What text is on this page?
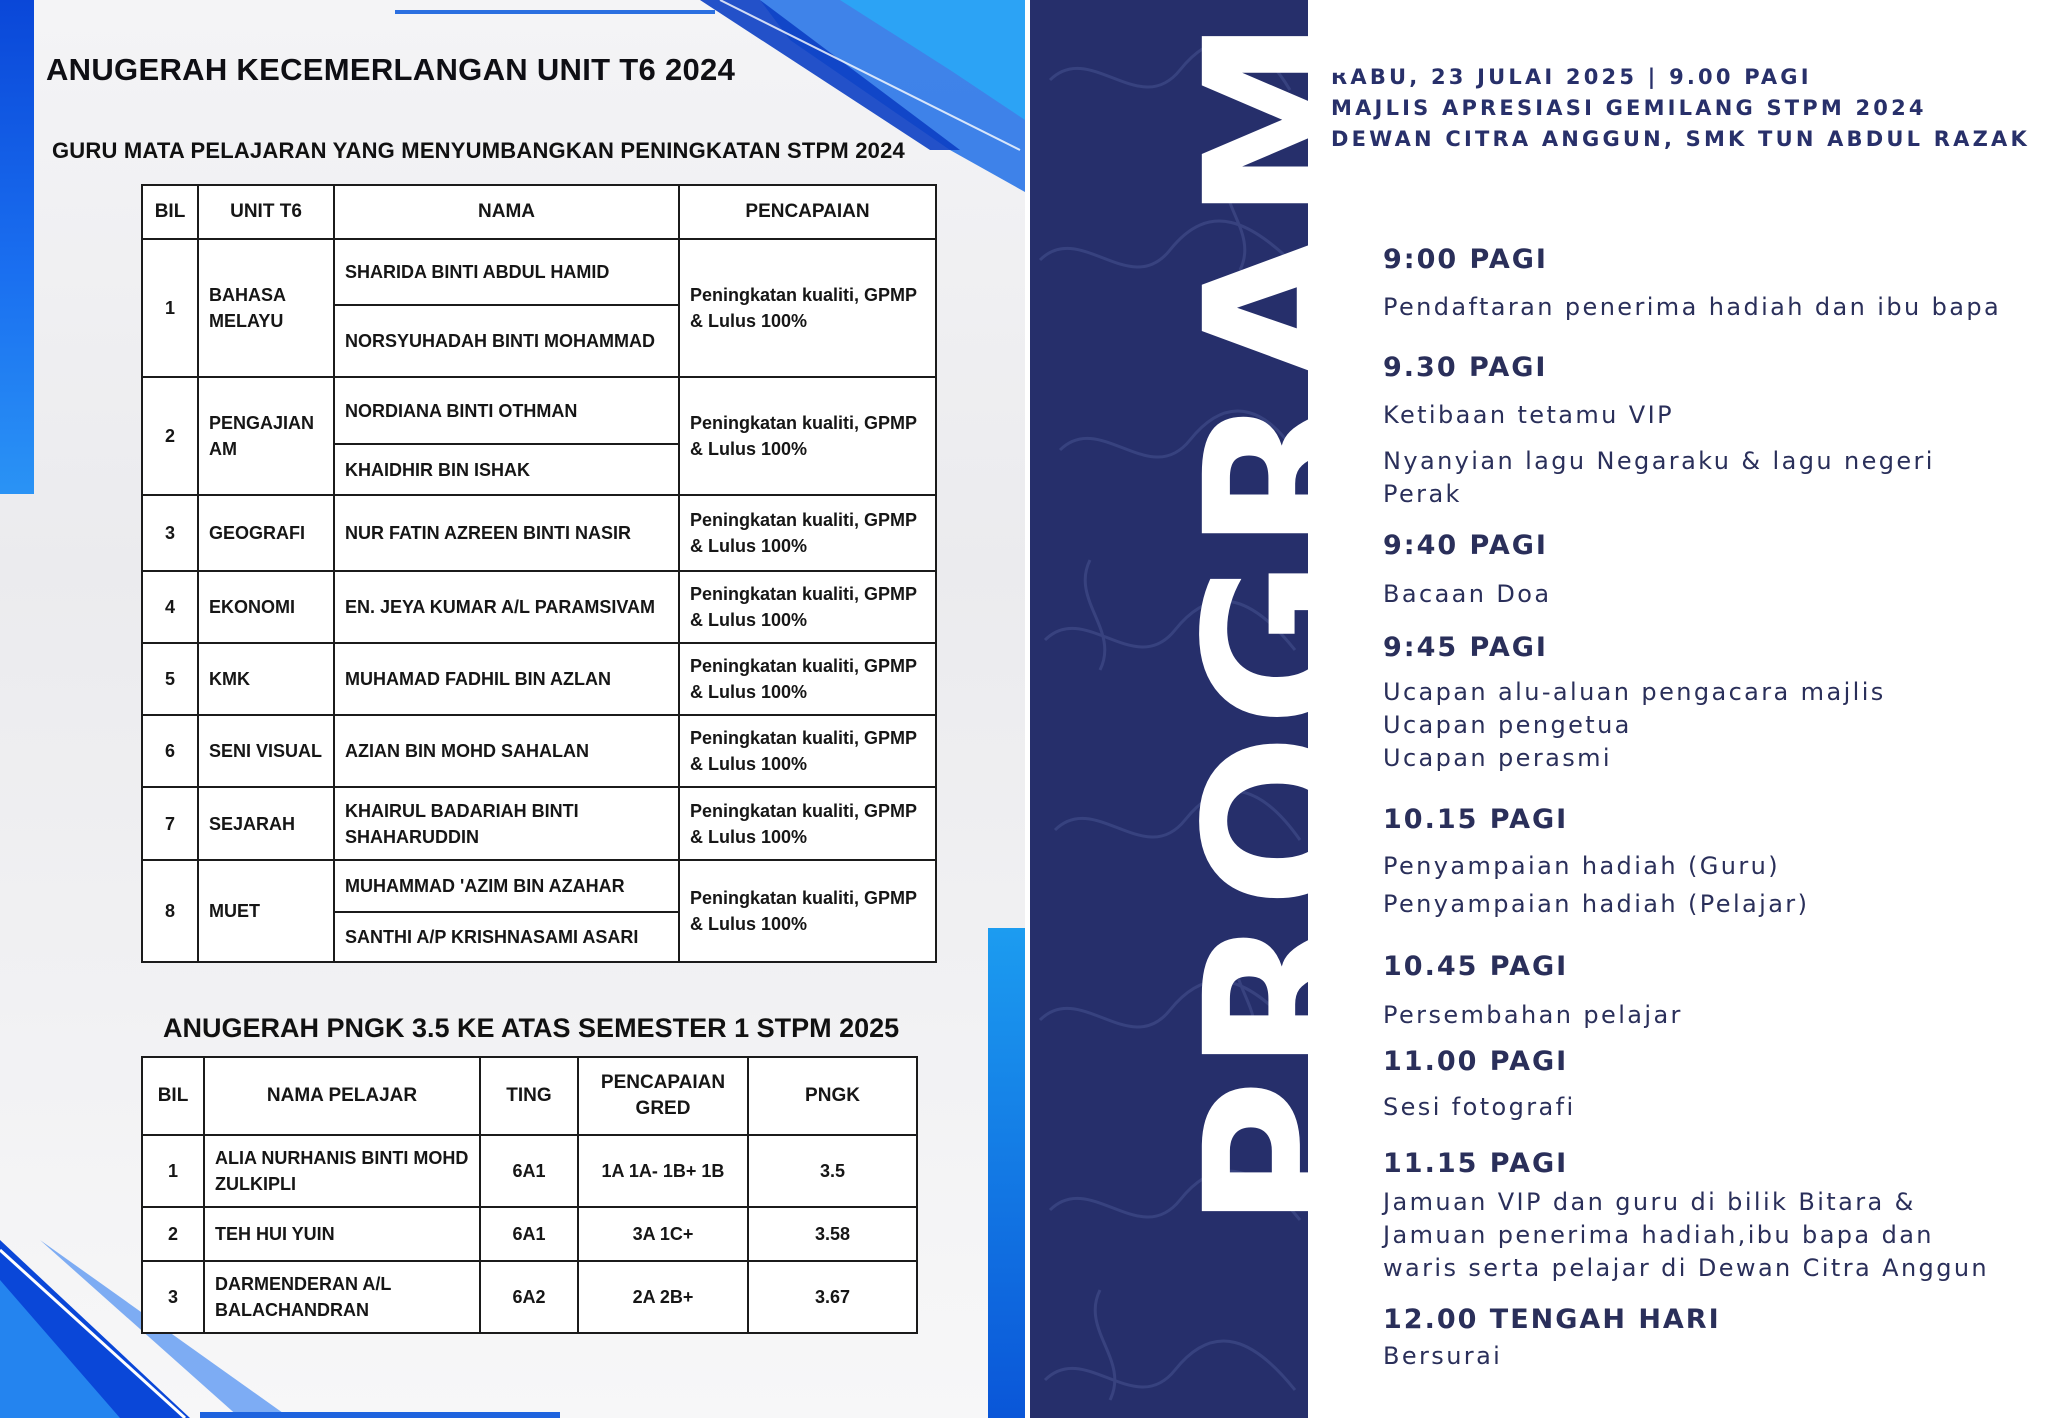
ANUGERAH KECEMERLANGAN UNIT T6 2024
GURU MATA PELAJARAN YANG MENYUMBANGKAN PENINGKATAN STPM 2024
BIL	UNIT T6	NAMA	PENCAPAIAN
1	BAHASA MELAYU	SHARIDA BINTI ABDUL HAMID	Peningkatan kualiti, GPMP & Lulus 100%
		NORSYUHADAH BINTI MOHAMMAD	
2	PENGAJIAN AM	NORDIANA BINTI OTHMAN	Peningkatan kualiti, GPMP & Lulus 100%
		KHAIDHIR BIN ISHAK	
3	GEOGRAFI	NUR FATIN AZREEN BINTI NASIR	Peningkatan kualiti, GPMP & Lulus 100%
4	EKONOMI	EN. JEYA KUMAR A/L PARAMSIVAM	Peningkatan kualiti, GPMP & Lulus 100%
5	KMK	MUHAMAD FADHIL BIN AZLAN	Peningkatan kualiti, GPMP & Lulus 100%
6	SENI VISUAL	AZIAN BIN MOHD SAHALAN	Peningkatan kualiti, GPMP & Lulus 100%
7	SEJARAH	KHAIRUL BADARIAH BINTI SHAHARUDDIN	Peningkatan kualiti, GPMP & Lulus 100%
8	MUET	MUHAMMAD 'AZIM BIN AZAHAR	Peningkatan kualiti, GPMP & Lulus 100%
		SANTHI A/P KRISHNASAMI ASARI	
ANUGERAH PNGK 3.5 KE ATAS SEMESTER 1 STPM 2025
BIL	NAMA PELAJAR	TING	PENCAPAIAN GRED	PNGK
1	ALIA NURHANIS BINTI MOHD ZULKIPLI	6A1	1A 1A- 1B+ 1B	3.5
2	TEH HUI YUIN	6A1	3A 1C+	3.58
3	DARMENDERAN A/L BALACHANDRAN	6A2	2A 2B+	3.67
RABU, 23 JULAI 2025 | 9.00 PAGI
MAJLIS APRESIASI GEMILANG STPM 2024
DEWAN CITRA ANGGUN, SMK TUN ABDUL RAZAK
9:00 PAGI
Pendaftaran penerima hadiah dan ibu bapa
9.30 PAGI
Ketibaan tetamu VIP
Nyanyian lagu Negaraku & lagu negeri
Perak
9:40 PAGI
Bacaan Doa
9:45 PAGI
Ucapan alu-aluan pengacara majlis
Ucapan pengetua
Ucapan perasmi
10.15 PAGI
Penyampaian hadiah (Guru)
Penyampaian hadiah (Pelajar)
10.45 PAGI
Persembahan pelajar
11.00 PAGI
Sesi fotografi
11.15 PAGI
Jamuan VIP dan guru di bilik Bitara &
Jamuan penerima hadiah,ibu bapa dan
waris serta pelajar di Dewan Citra Anggun
12.00 TENGAH HARI
Bersurai
PROGRAM
